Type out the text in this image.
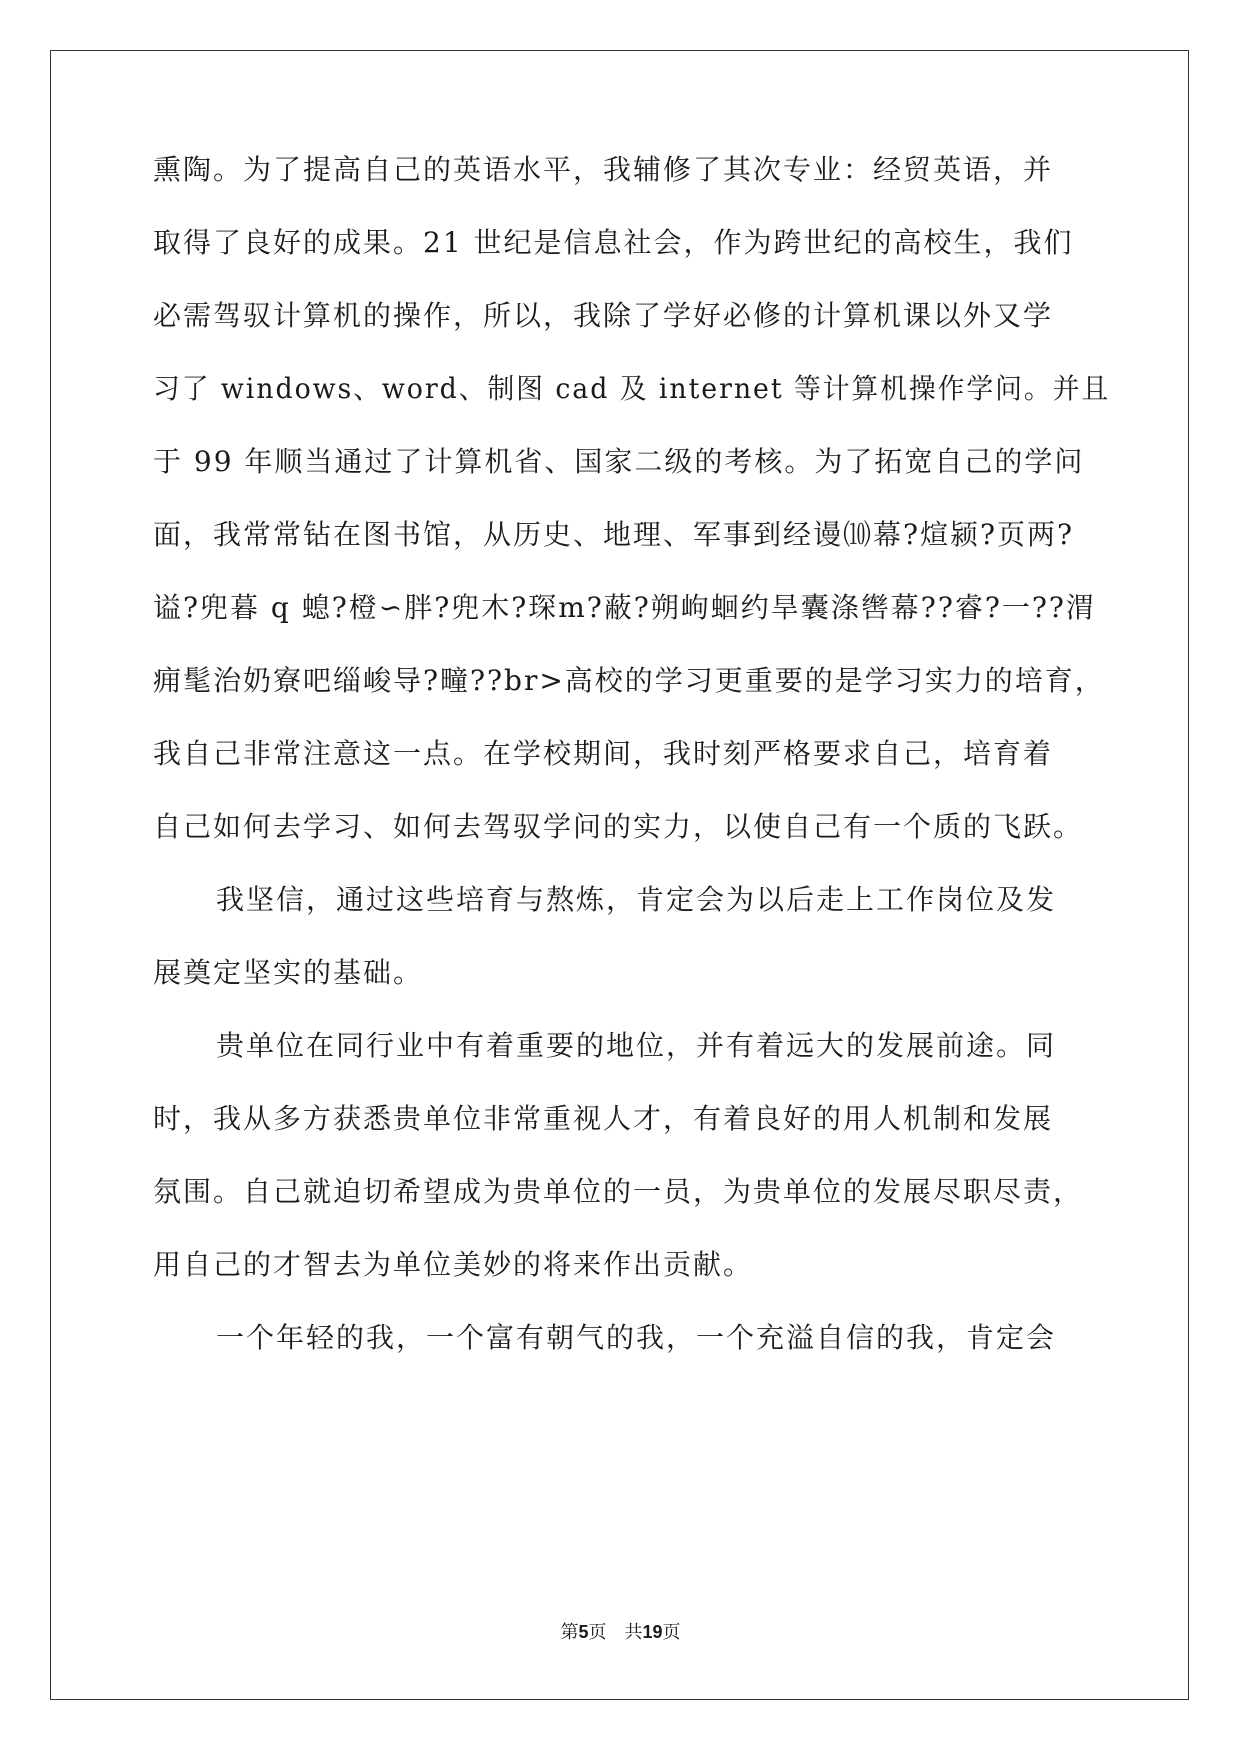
熏陶。为了提高自己的英语水平，我辅修了其次专业：经贸英语，并
取得了良好的成果。21 世纪是信息社会，作为跨世纪的高校生，我们
必需驾驭计算机的操作，所以，我除了学好必修的计算机课以外又学
习了 windows、word、制图 cad 及 internet 等计算机操作学问。并且
于 99 年顺当通过了计算机省、国家二级的考核。为了拓宽自己的学问
面，我常常钻在图书馆，从历史、地理、军事到经谩⑽幕?煊颍?页两?
谥?兜暮 q 螅?橙∽胖?兜木?琛m?蔽?朔岣蛔约旱囊涤辔幕??睿?一??渭
痈髦治奶寮吧缁峻导?疃??br>高校的学习更重要的是学习实力的培育，
我自己非常注意这一点。在学校期间，我时刻严格要求自己，培育着
自己如何去学习、如何去驾驭学问的实力，以使自己有一个质的飞跃。
我坚信，通过这些培育与熬炼，肯定会为以后走上工作岗位及发
展奠定坚实的基础。
贵单位在同行业中有着重要的地位，并有着远大的发展前途。同
时，我从多方获悉贵单位非常重视人才，有着良好的用人机制和发展
氛围。自己就迫切希望成为贵单位的一员，为贵单位的发展尽职尽责，
用自己的才智去为单位美妙的将来作出贡献。
一个年轻的我，一个富有朝气的我，一个充溢自信的我，肯定会
第5页　共19页
